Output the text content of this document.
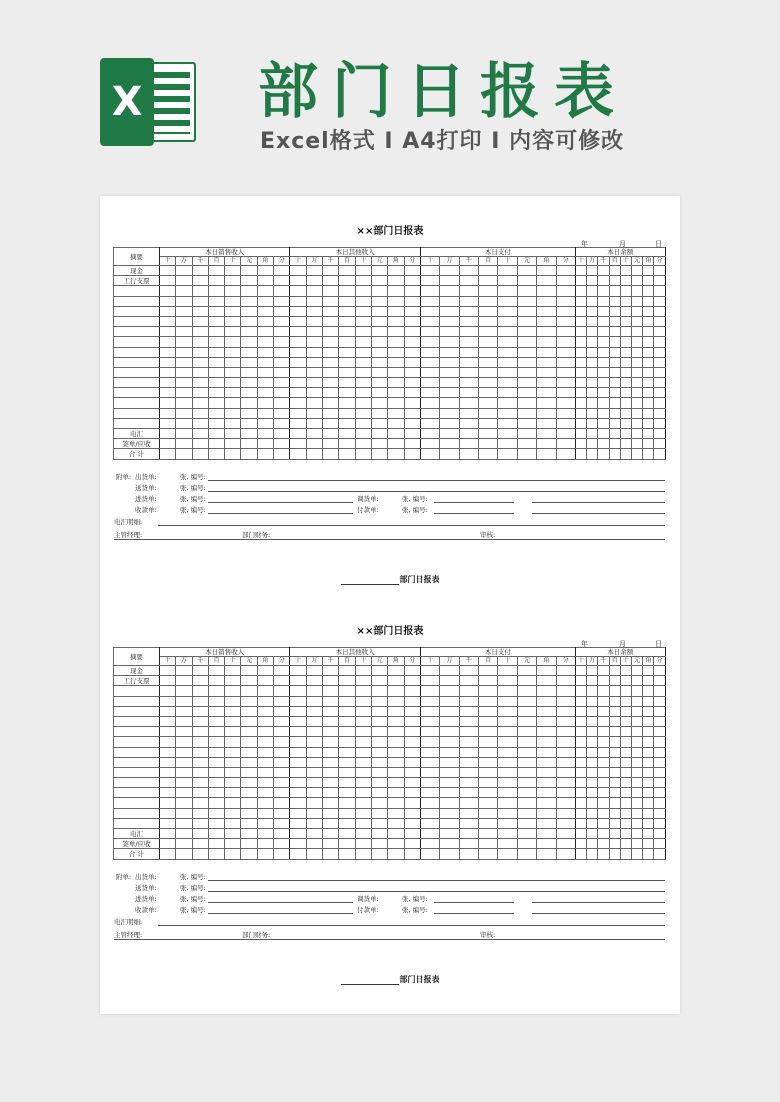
X 部门日报表
Excel格式 I A4打印 I 内容可修改
××部门日报表
年	月	日
摘要	本日销售收入								本日其他收入								本日支付								本日余额							
	十	万	千	百	十	元	角	分	十	万	千	百	十	元	角	分	十	万	千	百	十	元	角	分	十	万	千	百	十	元	角	分
现金																																
工行支票																																

电汇																																
签单/应收																																
合 计																																
附单: 出货单:	张, 编号:
送货单:	张, 编号:
进货单:	张, 编号:
收款单:	张, 编号:
调货单:	张, 编号:
付款单:	张, 编号:
电汇明细:
主管经理:	部门财务:	审核:
部门日报表
××部门日报表
年	月	日
摘要	本日销售收入								本日其他收入								本日支付								本日余额							
	十	万	千	百	十	元	角	分	十	万	千	百	十	元	角	分	十	万	千	百	十	元	角	分	十	万	千	百	十	元	角	分
现金																																
工行支票																																

电汇																																
签单/应收																																
合 计																																
附单: 出货单:	张, 编号:
送货单:	张, 编号:
进货单:	张, 编号:
收款单:	张, 编号:
调货单:	张, 编号:
付款单:	张, 编号:
电汇明细:
主管经理:	部门财务:	审核:
部门日报表
